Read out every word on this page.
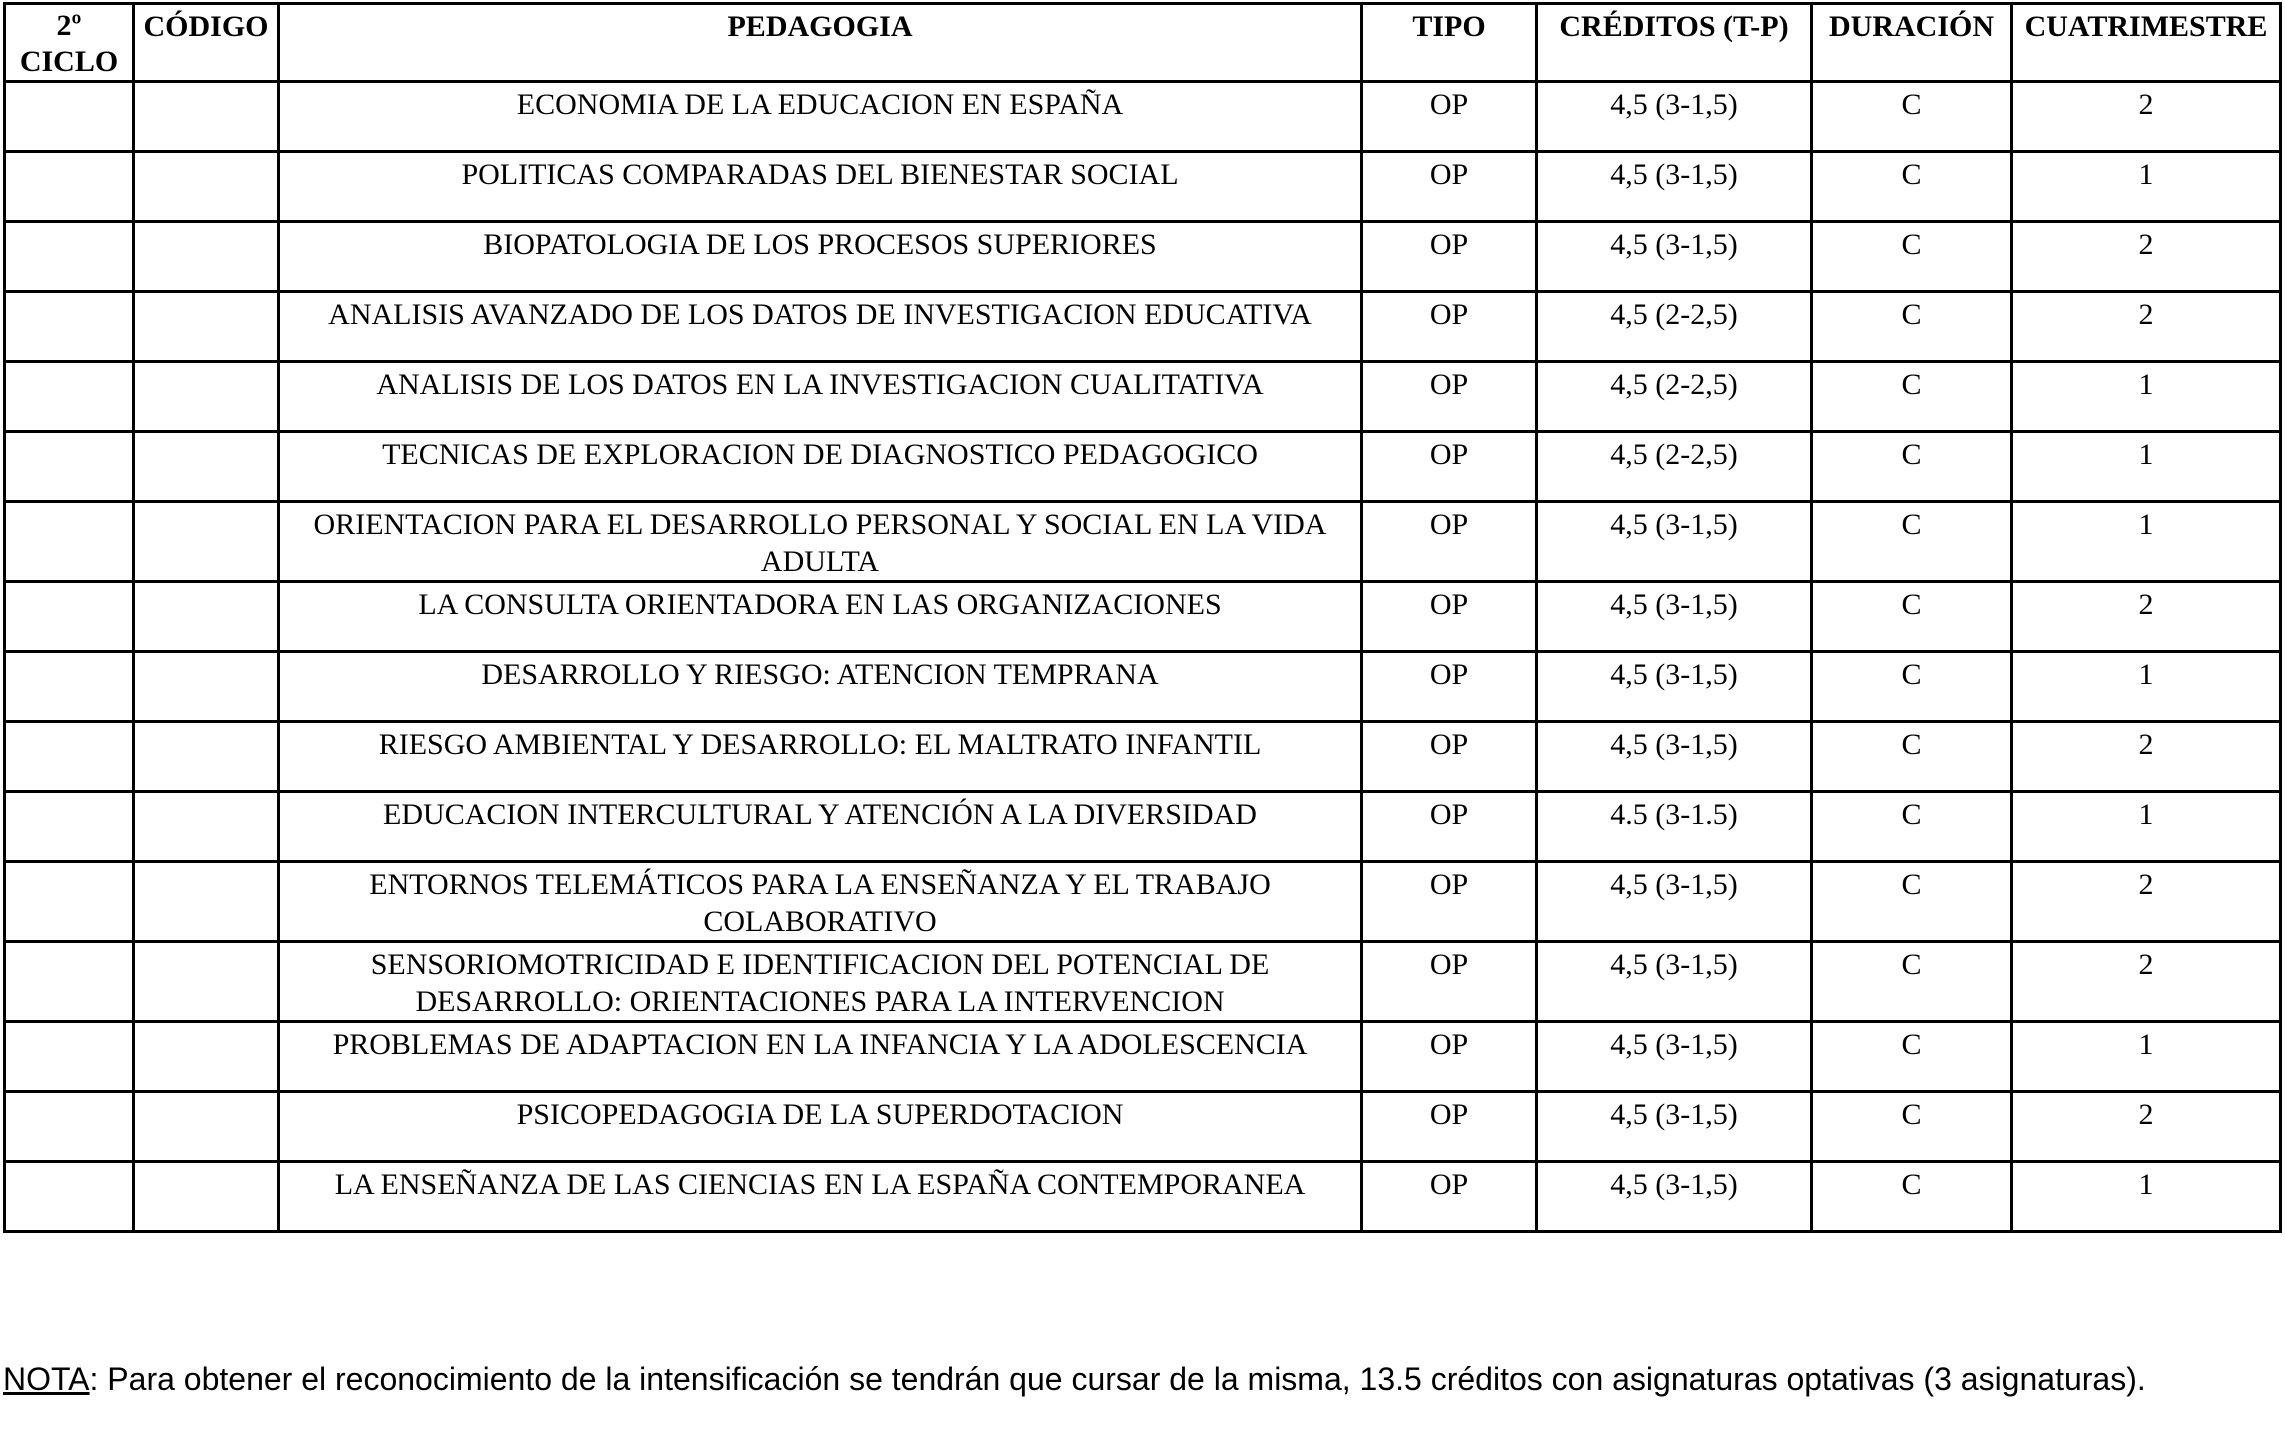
2º CICLO	CÓDIGO	PEDAGOGIA	TIPO	CRÉDITOS (T-P)	DURACIÓN	CUATRIMESTRE
		ECONOMIA DE LA EDUCACION EN ESPAÑA	OP	4,5 (3-1,5)	C	2
		POLITICAS COMPARADAS DEL BIENESTAR SOCIAL	OP	4,5 (3-1,5)	C	1
		BIOPATOLOGIA DE LOS PROCESOS SUPERIORES	OP	4,5 (3-1,5)	C	2
		ANALISIS AVANZADO DE LOS DATOS DE INVESTIGACION EDUCATIVA	OP	4,5 (2-2,5)	C	2
		ANALISIS DE LOS DATOS EN LA INVESTIGACION CUALITATIVA	OP	4,5 (2-2,5)	C	1
		TECNICAS DE EXPLORACION DE DIAGNOSTICO PEDAGOGICO	OP	4,5 (2-2,5)	C	1
		ORIENTACION PARA EL DESARROLLO PERSONAL Y SOCIAL EN LA VIDA ADULTA	OP	4,5 (3-1,5)	C	1
		LA CONSULTA ORIENTADORA EN LAS ORGANIZACIONES	OP	4,5 (3-1,5)	C	2
		DESARROLLO Y RIESGO: ATENCION TEMPRANA	OP	4,5 (3-1,5)	C	1
		RIESGO AMBIENTAL Y DESARROLLO: EL MALTRATO INFANTIL	OP	4,5 (3-1,5)	C	2
		EDUCACION INTERCULTURAL Y ATENCIÓN A LA DIVERSIDAD	OP	4.5 (3-1.5)	C	1
		ENTORNOS TELEMÁTICOS PARA LA ENSEÑANZA Y EL TRABAJO COLABORATIVO	OP	4,5 (3-1,5)	C	2
		SENSORIOMOTRICIDAD E IDENTIFICACION DEL POTENCIAL DE DESARROLLO: ORIENTACIONES PARA LA INTERVENCION	OP	4,5 (3-1,5)	C	2
		PROBLEMAS DE ADAPTACION EN LA INFANCIA Y LA ADOLESCENCIA	OP	4,5 (3-1,5)	C	1
		PSICOPEDAGOGIA DE LA SUPERDOTACION	OP	4,5 (3-1,5)	C	2
		LA ENSEÑANZA DE LAS CIENCIAS EN LA ESPAÑA CONTEMPORANEA	OP	4,5 (3-1,5)	C	1
NOTA: Para obtener el reconocimiento de la intensificación se tendrán que cursar de la misma, 13.5 créditos con asignaturas optativas (3 asignaturas).
